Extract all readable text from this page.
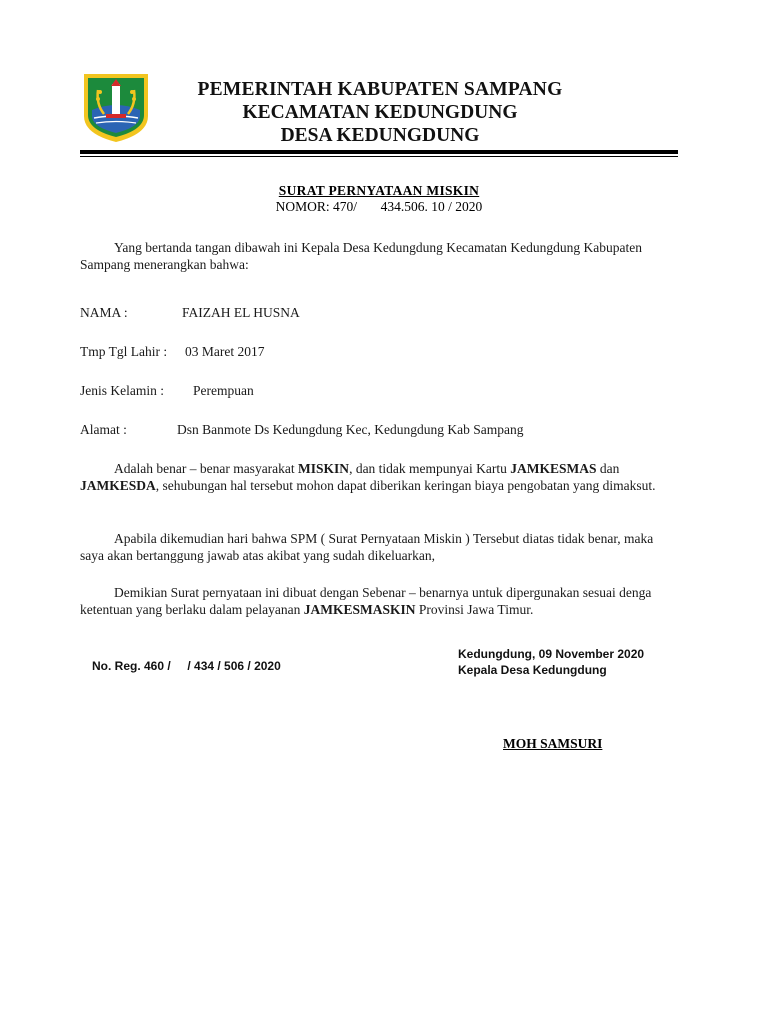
PEMERINTAH KABUPATEN SAMPANG
KECAMATAN KEDUNGDUNG
DESA KEDUNGDUNG
SURAT PERNYATAAN MISKIN
NOMOR: 470/       434.506. 10 / 2020
Yang bertanda tangan dibawah ini Kepala Desa Kedungdung Kecamatan Kedungdung Kabupaten Sampang menerangkan bahwa:
NAMA :	FAIZAH EL HUSNA
Tmp Tgl Lahir : 03 Maret 2017
Jenis Kelamin : Perempuan
Alamat :	Dsn Banmote Ds Kedungdung Kec, Kedungdung Kab Sampang
Adalah benar – benar masyarakat MISKIN, dan tidak mempunyai Kartu JAMKESMAS dan JAMKESDA, sehubungan hal tersebut mohon dapat diberikan keringan biaya pengobatan yang dimaksut.
Apabila dikemudian hari bahwa SPM ( Surat Pernyataan Miskin ) Tersebut diatas tidak benar, maka saya akan bertanggung jawab atas akibat yang sudah dikeluarkan,
Demikian Surat pernyataan ini dibuat dengan Sebenar – benarnya untuk dipergunakan sesuai denga ketentuan yang berlaku dalam pelayanan JAMKESMASKIN Provinsi Jawa Timur.
No. Reg. 460 /     / 434 / 506 / 2020
Kedungdung, 09 November 2020
Kepala Desa Kedungdung
MOH SAMSURI
